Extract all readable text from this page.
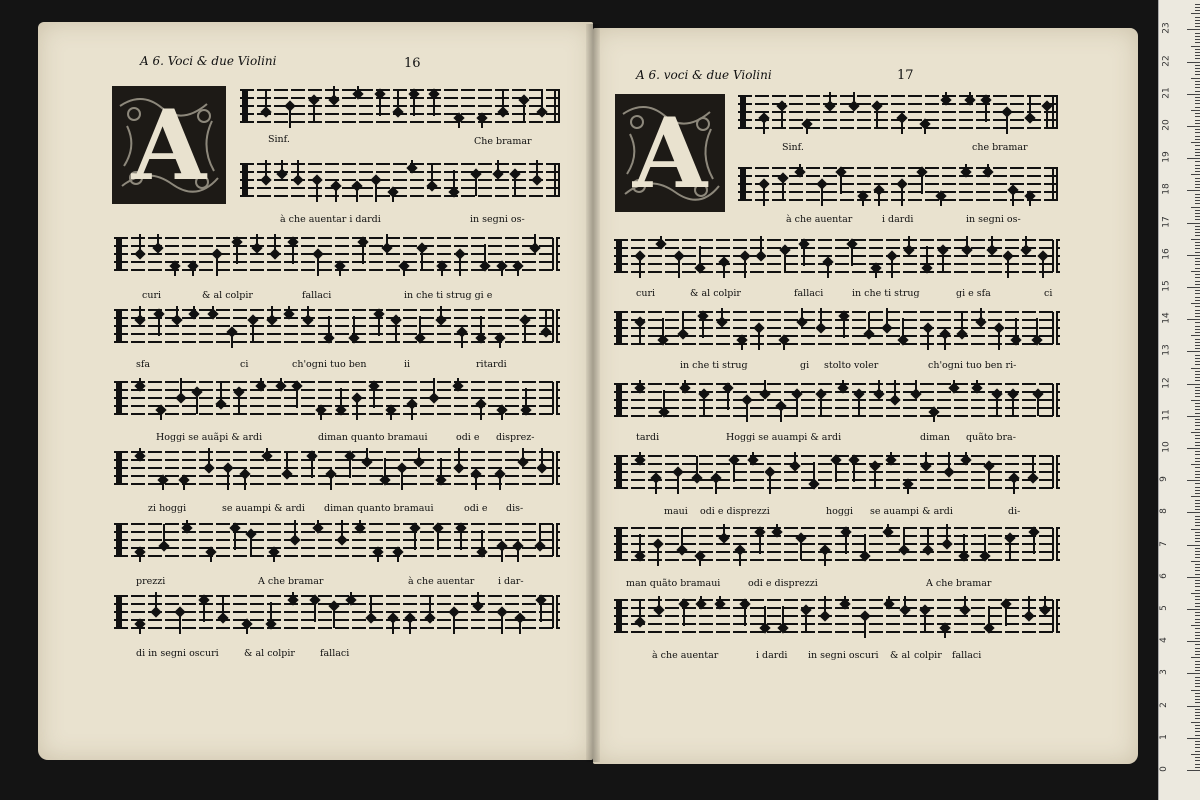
A 6. Voci & due Violini	16
A 6. voci & due Violini	17
A	A
Sinf.	Che bramar
à che auentar i dardi	in segni os-
curi	& al colpir	fallaci	in che ti strug gi e
sfa	ci	ch'ogni tuo ben	ii	ritardi
Hoggi se auãpi & ardi	diman quanto bramaui	odi e disprez-
zi hoggi	se auampi & ardi diman quanto bramaui	odi e dis-
prezzi	A che bramar	à che auentar i dar-
di in segni oscuri	& al colpir	fallaci
Sinf.	che bramar
à che auentar	i dardi	in segni os-
curi	& al colpir	fallaci	in che ti strug	gi e sfa	ci
in che ti strug	gi stolto voler	ch'ogni tuo ben ri-
tardi	Hoggi se auampi & ardi	diman quãto bra-
maui odi e disprezzi	hoggi se auampi & ardi	di-
man quãto bramaui	odi e disprezzi	A che bramar
à che auentar	i dardi in segni oscuri & al colpir fallaci
0
1
2
3
4
5
6
7
8
9
10
11
12
13
14
15
16
17
18
19
20
21
22
23
